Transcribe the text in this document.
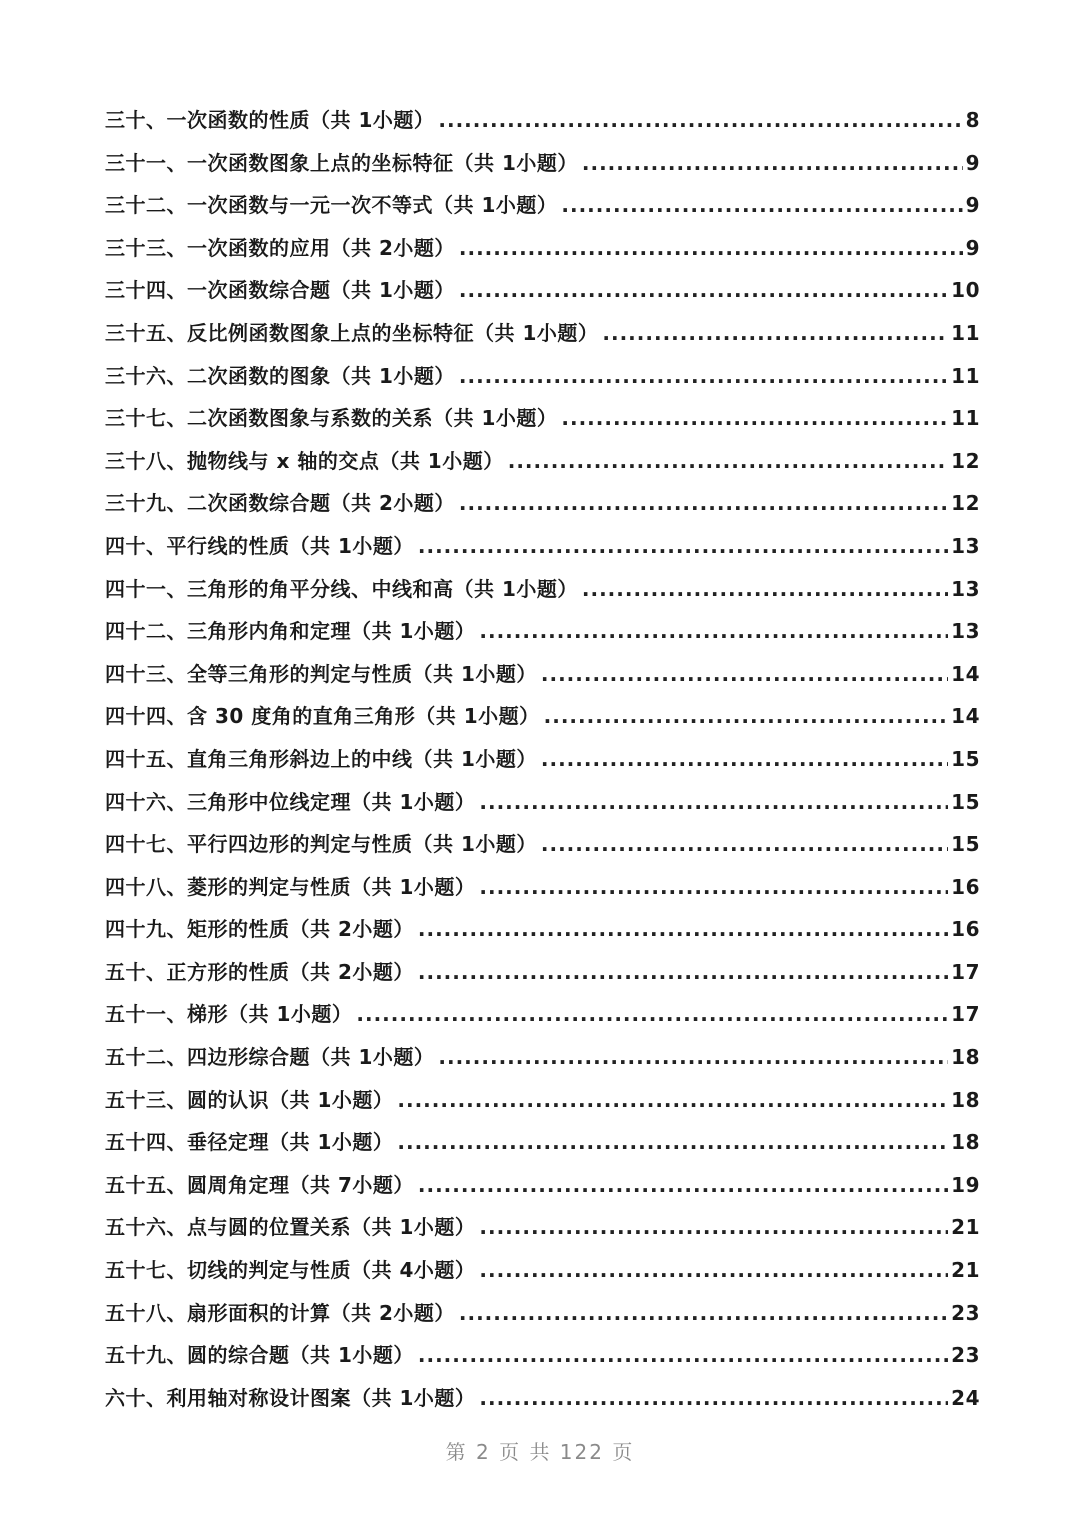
三十、一次函数的性质（共 1小题） .....	8
三十一、一次函数图象上点的坐标特征（共 1小题） .....	9
三十二、一次函数与一元一次不等式（共 1小题） .....	9
三十三、一次函数的应用（共 2小题） .....	9
三十四、一次函数综合题（共 1小题） .....	10
三十五、反比例函数图象上点的坐标特征（共 1小题） .....	11
三十六、二次函数的图象（共 1小题） .....	11
三十七、二次函数图象与系数的关系（共 1小题） .....	11
三十八、抛物线与 x 轴的交点（共 1小题） .....	12
三十九、二次函数综合题（共 2小题） .....	12
四十、平行线的性质（共 1小题） .....	13
四十一、三角形的角平分线、中线和高（共 1小题） .....	13
四十二、三角形内角和定理（共 1小题） .....	13
四十三、全等三角形的判定与性质（共 1小题） .....	14
四十四、含 30 度角的直角三角形（共 1小题） .....	14
四十五、直角三角形斜边上的中线（共 1小题） .....	15
四十六、三角形中位线定理（共 1小题） .....	15
四十七、平行四边形的判定与性质（共 1小题） .....	15
四十八、菱形的判定与性质（共 1小题） .....	16
四十九、矩形的性质（共 2小题） .....	16
五十、正方形的性质（共 2小题） .....	17
五十一、梯形（共 1小题） .....	17
五十二、四边形综合题（共 1小题） .....	18
五十三、圆的认识（共 1小题） .....	18
五十四、垂径定理（共 1小题） .....	18
五十五、圆周角定理（共 7小题） .....	19
五十六、点与圆的位置关系（共 1小题） .....	21
五十七、切线的判定与性质（共 4小题） .....	21
五十八、扇形面积的计算（共 2小题） .....	23
五十九、圆的综合题（共 1小题） .....	23
六十、利用轴对称设计图案（共 1小题） .....	24
第 2 页 共 122 页
